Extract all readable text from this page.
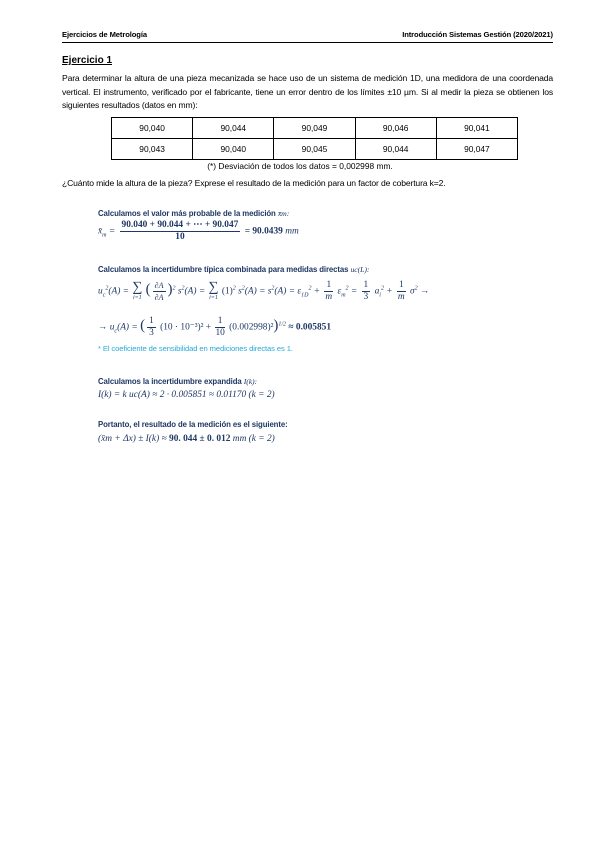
Ejercicios de Metrología	Introducción Sistemas Gestión (2020/2021)
Ejercicio 1
Para determinar la altura de una pieza mecanizada se hace uso de un sistema de medición 1D, una medidora de una coordenada vertical. El instrumento, verificado por el fabricante, tiene un error dentro de los límites ±10 µm. Si al medir la pieza se obtienen los siguientes resultados (datos en mm):
90,040	90,044	90,049	90,046	90,041
90,043	90,040	90,045	90,044	90,047
(*) Desviación de todos los datos = 0,002998 mm.
¿Cuánto mide la altura de la pieza? Exprese el resultado de la medición para un factor de cobertura k=2.
Calculamos el valor más probable de la medición x̄m:
$x̄_m = \frac{90.040 + 90.044 + \cdots + 90.047}{10} = 90.0439$ mm
Calculamos la incertidumbre típica combinada para medidas directas uc(L):
$u_c^2(A)$ = ∑
i=1 ( $\frac{\partial A}{\partial A} )^2$ $s^2(A)$ = ∑
i=1
$(1)^2$ $s^2(A) = s^2(A) = \varepsilon_{1D}^2 + \frac{1}{m} \varepsilon_m^2 = \frac{1}{3} a_i^2 + \frac{1}{m} \sigma^2$ →
→ $u_c(A)$ = ( $\frac{1}{3} (10 \cdot 10^{-3})^2 + \frac{1}{10} (0.002998)^2)^{1/2} \approx 0.005851$
* El coeficiente de sensibilidad en mediciones directas es 1.
Calculamos la incertidumbre expandida I(k):
I(k) = k uc(A) ≈ 2 · 0.005851 ≈ 0.01170 (k = 2)
Portanto, el resultado de la medición es el siguiente:
(x̄m + Δx) ± I(k) ≈ 90. 044 ± 0. 012 mm (k = 2)
